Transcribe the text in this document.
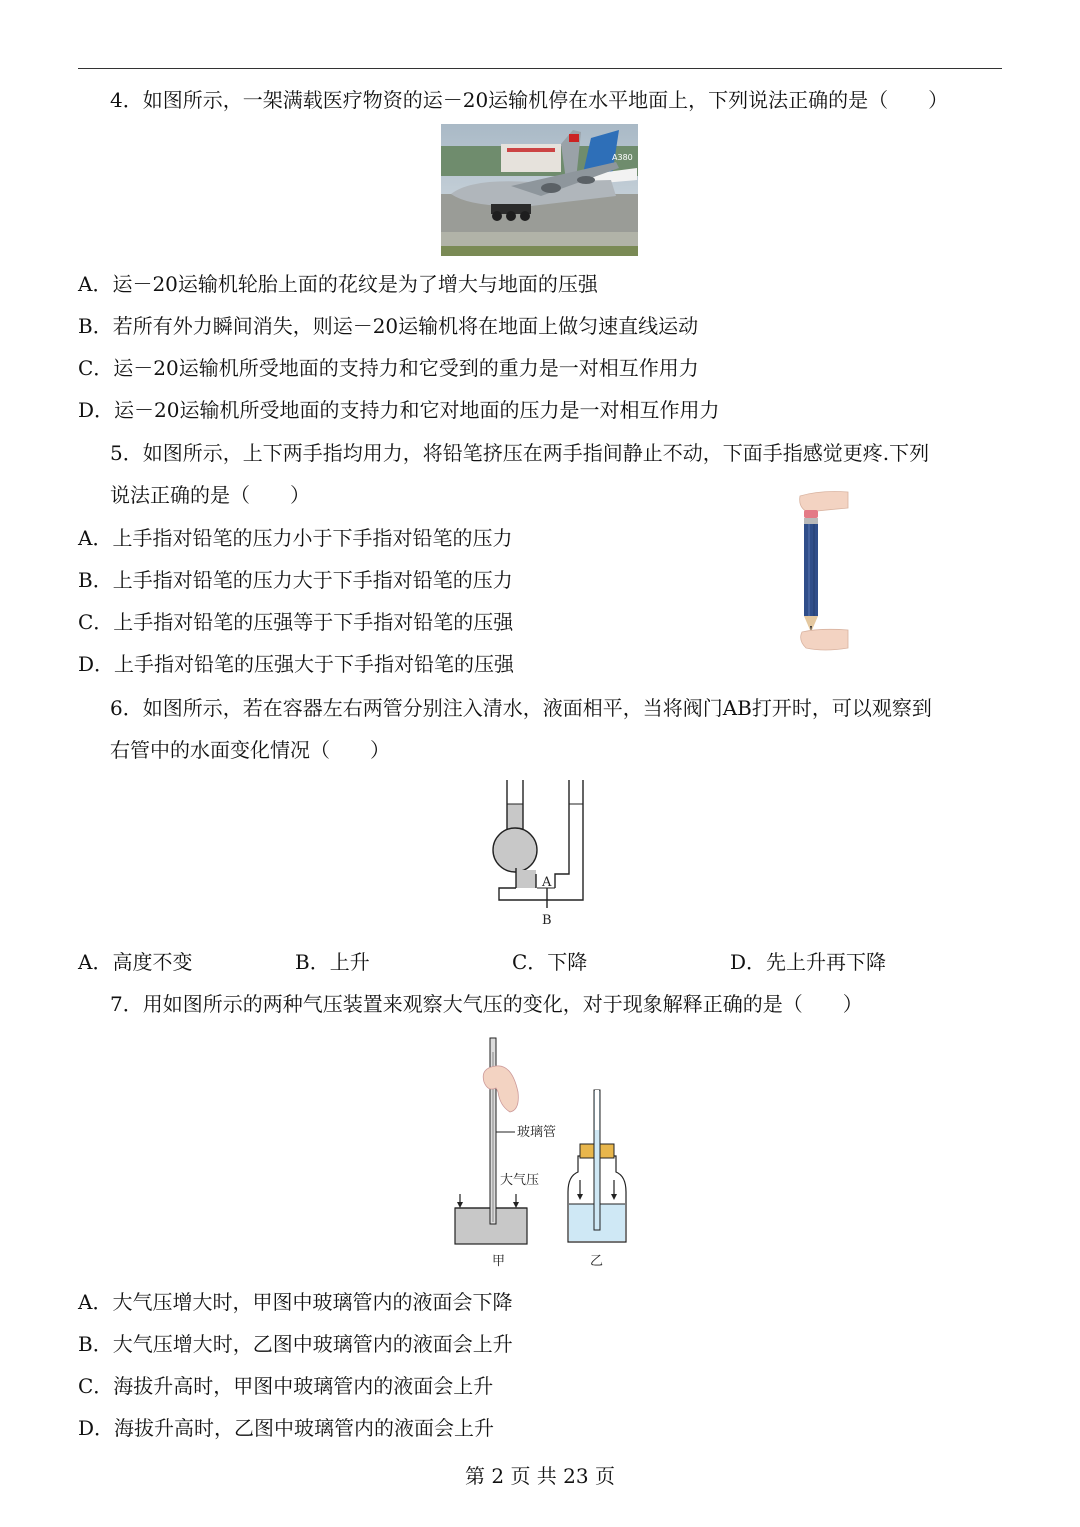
4．如图所示，一架满载医疗物资的运－20运输机停在水平地面上，下列说法正确的是（　　）
A380
A．运－20运输机轮胎上面的花纹是为了增大与地面的压强
B．若所有外力瞬间消失，则运－20运输机将在地面上做匀速直线运动
C．运－20运输机所受地面的支持力和它受到的重力是一对相互作用力
D．运－20运输机所受地面的支持力和它对地面的压力是一对相互作用力
5．如图所示，上下两手指均用力，将铅笔挤压在两手指间静止不动，下面手指感觉更疼.下列
说法正确的是（　　）
A．上手指对铅笔的压力小于下手指对铅笔的压力
B．上手指对铅笔的压力大于下手指对铅笔的压力
C．上手指对铅笔的压强等于下手指对铅笔的压强
D．上手指对铅笔的压强大于下手指对铅笔的压强
6．如图所示，若在容器左右两管分别注入清水，液面相平，当将阀门AB打开时，可以观察到
右管中的水面变化情况（　　）
A
B
A．高度不变	B．上升	C．下降	D．先上升再下降
7．用如图所示的两种气压装置来观察大气压的变化，对于现象解释正确的是（　　）
玻璃管
大气压
甲	乙
A．大气压增大时，甲图中玻璃管内的液面会下降
B．大气压增大时，乙图中玻璃管内的液面会上升
C．海拔升高时，甲图中玻璃管内的液面会上升
D．海拔升高时，乙图中玻璃管内的液面会上升
第 2 页 共 23 页
